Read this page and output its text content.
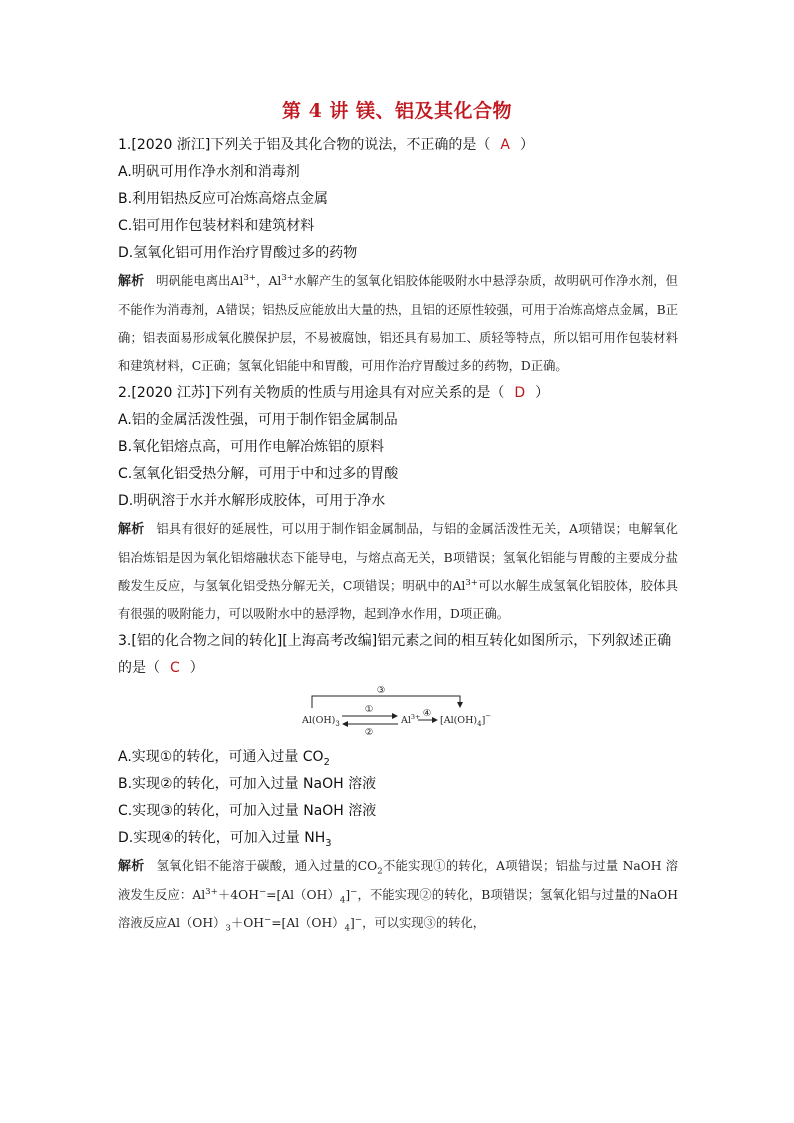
第 4 讲 镁、铝及其化合物
1.[2020 浙江]下列关于铝及其化合物的说法，不正确的是（ A ）
A.明矾可用作净水剂和消毒剂
B.利用铝热反应可冶炼高熔点金属
C.铝可用作包装材料和建筑材料
D.氢氧化铝可用作治疗胃酸过多的药物

解析 明矾能电离出$Al^{3+}$，$Al^{3+}$水解产生的氢氧化铝胶体能吸附水中悬浮杂质，故明矾可作净水剂，但不能作为消毒剂，A错误；铝热反应能放出大量的热，且铝的还原性较强，可用于冶炼高熔点金属，B正确；铝表面易形成氧化膜保护层，不易被腐蚀，铝还具有易加工、质轻等特点，所以铝可用作包装材料和建筑材料，C正确；氢氧化铝能中和胃酸，可用作治疗胃酸过多的药物，D正确。

2.[2020 江苏]下列有关物质的性质与用途具有对应关系的是（ D ）
A.铝的金属活泼性强，可用于制作铝金属制品
B.氧化铝熔点高，可用作电解冶炼铝的原料
C.氢氧化铝受热分解，可用于中和过多的胃酸
D.明矾溶于水并水解形成胶体，可用于净水

解析 铝具有很好的延展性，可以用于制作铝金属制品，与铝的金属活泼性无关，A项错误；电解氧化铝冶炼铝是因为氧化铝熔融状态下能导电，与熔点高无关，B项错误；氢氧化铝能与胃酸的主要成分盐酸发生反应，与氢氧化铝受热分解无关，C项错误；明矾中的$Al^{3+}$可以水解生成氢氧化铝胶体，胶体具有很强的吸附能力，可以吸附水中的悬浮物，起到净水作用，D项正确。

3.[铝的化合物之间的转化][上海高考改编]铝元素之间的相互转化如图所示，下列叙述正确
的是（ C ）
③
①
②
④
$Al(OH)_3$	$Al^{3+}$ $[Al(OH)_4]^-$
A.实现①的转化，可通入过量 $CO_2$
B.实现②的转化，可加入过量 NaOH 溶液
C.实现③的转化，可加入过量 NaOH 溶液
D.实现④的转化，可加入过量 $NH_3$

解析 氢氧化铝不能溶于碳酸，通入过量的$CO_2$不能实现①的转化，A项错误；铝盐与过量 NaOH 溶液发生反应：$Al^{3+}+4OH^-=[Al(OH)_4]^-$，不能实现②的转化，B项错误；氢氧化铝与过量的NaOH溶液反应$Al(OH)_3+OH^-=[Al(OH)_4]^-$，可以实现③的转化，
